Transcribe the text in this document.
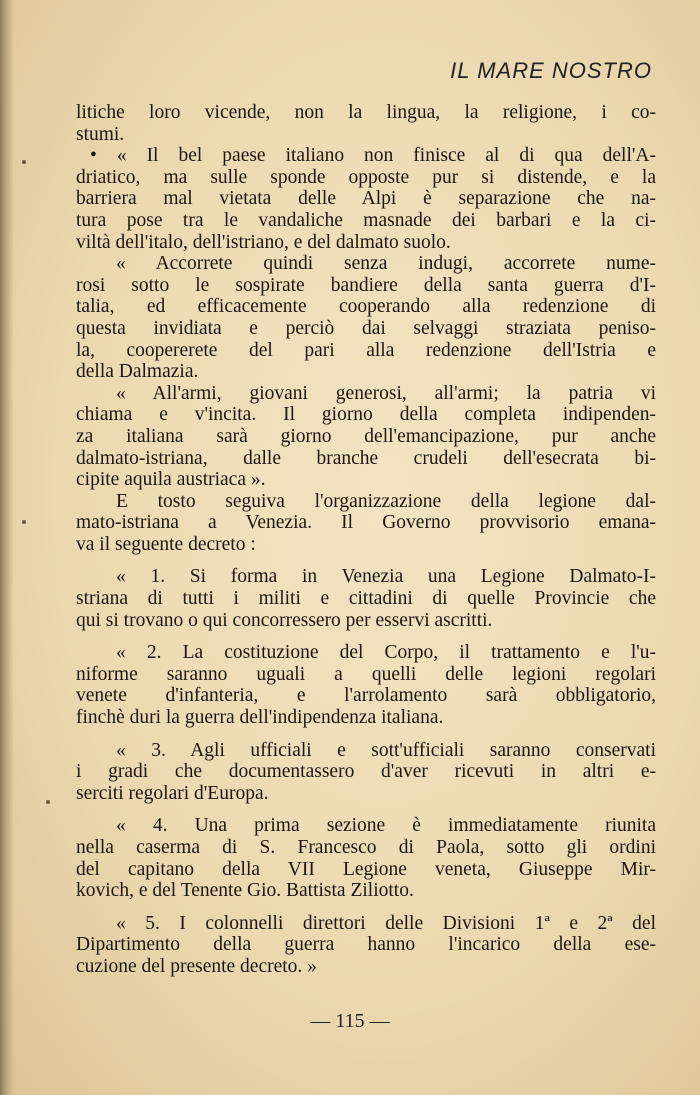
IL MARE NOSTRO
litiche loro vicende, non la lingua, la religione, i co-
stumi.
• « Il bel paese italiano non finisce al di qua dell'A-
driatico, ma sulle sponde opposte pur si distende, e la
barriera mal vietata delle Alpi è separazione che na-
tura pose tra le vandaliche masnade dei barbari e la ci-
viltà dell'italo, dell'istriano, e del dalmato suolo.
« Accorrete quindi senza indugi, accorrete nume-
rosi sotto le sospirate bandiere della santa guerra d'I-
talia, ed efficacemente cooperando alla redenzione di
questa invidiata e perciò dai selvaggi straziata peniso-
la, coopererete del pari alla redenzione dell'Istria e
della Dalmazia.
« All'armi, giovani generosi, all'armi; la patria vi
chiama e v'incita. Il giorno della completa indipenden-
za italiana sarà giorno dell'emancipazione, pur anche
dalmato-istriana, dalle branche crudeli dell'esecrata bi-
cipite aquila austriaca ».
E tosto seguiva l'organizzazione della legione dal-
mato-istriana a Venezia. Il Governo provvisorio emana-
va il seguente decreto :
« 1. Si forma in Venezia una Legione Dalmato-I-
striana di tutti i militi e cittadini di quelle Provincie che
qui si trovano o qui concorressero per esservi ascritti.
« 2. La costituzione del Corpo, il trattamento e l'u-
niforme saranno uguali a quelli delle legioni regolari
venete d'infanteria, e l'arrolamento sarà obbligatorio,
finchè duri la guerra dell'indipendenza italiana.
« 3. Agli ufficiali e sott'ufficiali saranno conservati
i gradi che documentassero d'aver ricevuti in altri e-
serciti regolari d'Europa.
« 4. Una prima sezione è immediatamente riunita
nella caserma di S. Francesco di Paola, sotto gli ordini
del capitano della VII Legione veneta, Giuseppe Mir-
kovich, e del Tenente Gio. Battista Ziliotto.
« 5. I colonnelli direttori delle Divisioni 1ª e 2ª del
Dipartimento della guerra hanno l'incarico della ese-
cuzione del presente decreto. »
— 115 —
